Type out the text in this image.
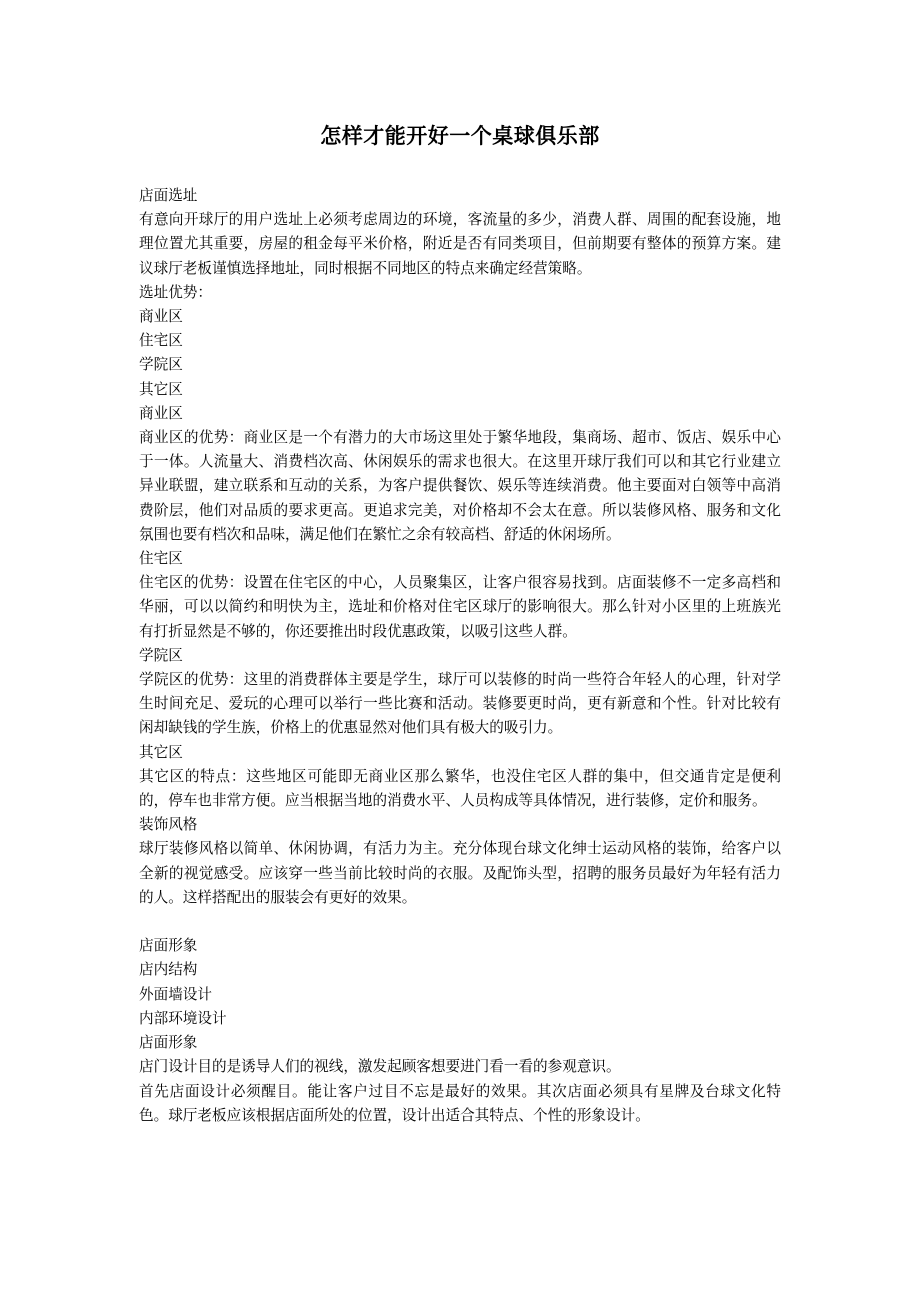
怎样才能开好一个桌球俱乐部

店面选址

有意向开球厅的用户选址上必须考虑周边的环境，客流量的多少，消费人群、周围的配套设施，地理位置尤其重要，房屋的租金每平米价格，附近是否有同类项目，但前期要有整体的预算方案。建议球厅老板谨慎选择地址，同时根据不同地区的特点来确定经营策略。

选址优势：

商业区

住宅区

学院区

其它区

商业区

商业区的优势：商业区是一个有潜力的大市场这里处于繁华地段，集商场、超市、饭店、娱乐中心于一体。人流量大、消费档次高、休闲娱乐的需求也很大。在这里开球厅我们可以和其它行业建立异业联盟，建立联系和互动的关系，为客户提供餐饮、娱乐等连续消费。他主要面对白领等中高消费阶层，他们对品质的要求更高。更追求完美，对价格却不会太在意。所以装修风格、服务和文化氛围也要有档次和品味，满足他们在繁忙之余有较高档、舒适的休闲场所。

住宅区

住宅区的优势：设置在住宅区的中心，人员聚集区，让客户很容易找到。店面装修不一定多高档和华丽，可以以简约和明快为主，选址和价格对住宅区球厅的影响很大。那么针对小区里的上班族光有打折显然是不够的，你还要推出时段优惠政策，以吸引这些人群。

学院区

学院区的优势：这里的消费群体主要是学生，球厅可以装修的时尚一些符合年轻人的心理，针对学生时间充足、爱玩的心理可以举行一些比赛和活动。装修要更时尚，更有新意和个性。针对比较有闲却缺钱的学生族，价格上的优惠显然对他们具有极大的吸引力。

其它区

其它区的特点：这些地区可能即无商业区那么繁华，也没住宅区人群的集中，但交通肯定是便利的，停车也非常方便。应当根据当地的消费水平、人员构成等具体情况，进行装修，定价和服务。

装饰风格

球厅装修风格以简单、休闲协调，有活力为主。充分体现台球文化绅士运动风格的装饰，给客户以全新的视觉感受。应该穿一些当前比较时尚的衣服。及配饰头型，招聘的服务员最好为年轻有活力的人。这样搭配出的服装会有更好的效果。

店面形象

店内结构

外面墙设计

内部环境设计

店面形象

店门设计目的是诱导人们的视线，激发起顾客想要进门看一看的参观意识。

首先店面设计必须醒目。能让客户过目不忘是最好的效果。其次店面必须具有星牌及台球文化特色。球厅老板应该根据店面所处的位置，设计出适合其特点、个性的形象设计。
